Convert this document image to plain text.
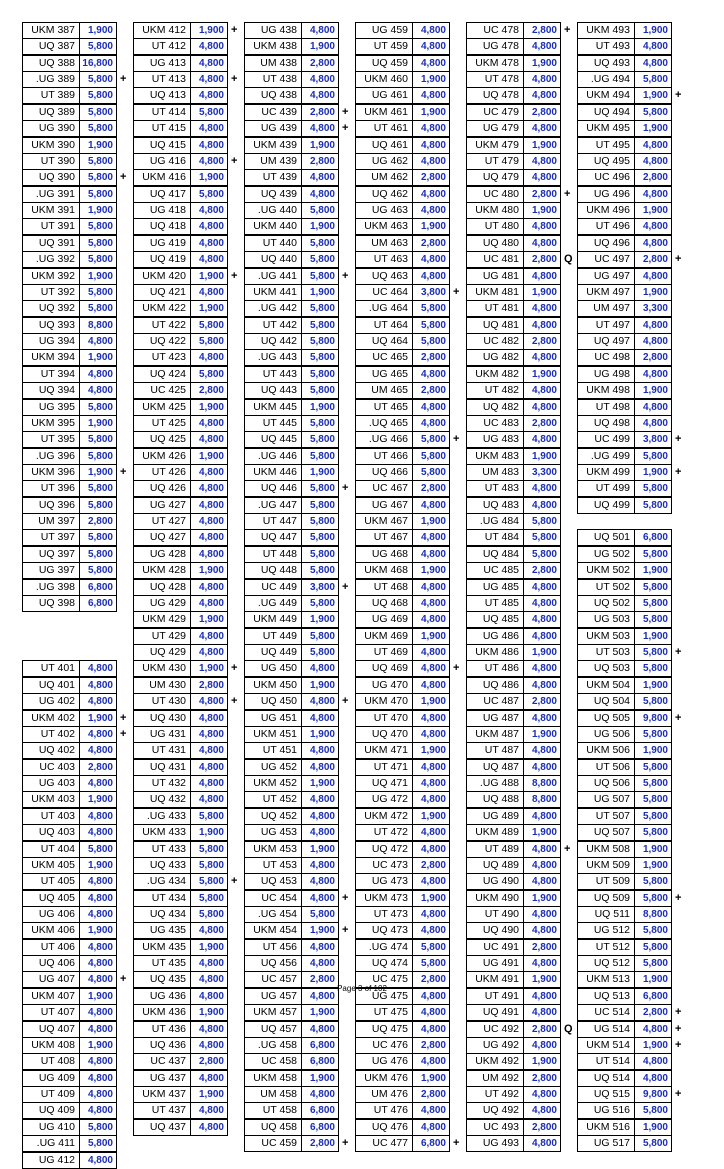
UKM 387	1,900
UQ 387	5,800
UQ 388 16,800
.UG 389	5,800 +
UT 389	5,800
UQ 389	5,800
UG 390	5,800
UKM 390	1,900
UT 390	5,800
UQ 390	5,800 +
.UG 391	5,800
UKM 391	1,900
UT 391	5,800
UQ 391	5,800
.UG 392	5,800
UKM 392	1,900
UT 392	5,800
UQ 392	5,800
UQ 393	8,800
UG 394	4,800
UKM 394	1,900
UT 394	4,800
UQ 394	4,800
UG 395	5,800
UKM 395	1,900
UT 395	5,800
.UG 396	5,800
UKM 396	1,900 +
UT 396	5,800
UQ 396	5,800
UM 397	2,800
UT 397	5,800
UQ 397	5,800
UG 397	5,800
.UG 398	6,800
UQ 398	6,800
UT 401	4,800
UQ 401	4,800
UG 402	4,800
UKM 402	1,900 +
UT 402	4,800 +
UQ 402	4,800
UC 403	2,800
UG 403	4,800
UKM 403	1,900
UT 403	4,800
UQ 403	4,800
UT 404	5,800
UKM 405	1,900
UT 405	4,800
UQ 405	4,800
UG 406	4,800
UKM 406	1,900
UT 406	4,800
UQ 406	4,800
UG 407	4,800 +
UKM 407	1,900
UT 407	4,800
UQ 407	4,800
UKM 408	1,900
UT 408	4,800
UG 409	4,800
UT 409	4,800
UQ 409	4,800
UG 410	5,800
.UG 411	5,800
UG 412	4,800
UKM 412	1,900 +
UT 412	4,800
UG 413	4,800
UT 413	4,800 +
UQ 413	4,800
UT 414	5,800
UT 415	4,800
UQ 415	4,800
UG 416	4,800 +
UKM 416	1,900
UQ 417	5,800
UG 418	4,800
UQ 418	4,800
UG 419	4,800
UQ 419	4,800
UKM 420	1,900 +
UQ 421	4,800
UKM 422	1,900
UT 422	5,800
UQ 422	5,800
UT 423	4,800
UQ 424	5,800
UC 425	2,800
UKM 425	1,900
UT 425	4,800
UQ 425	4,800
UKM 426	1,900
UT 426	4,800
UQ 426	4,800
UG 427	4,800
UT 427	4,800
UQ 427	4,800
UG 428	4,800
UKM 428	1,900
UQ 428	4,800
UG 429	4,800
UKM 429	1,900
UT 429	4,800
UQ 429	4,800
UKM 430	1,900 +
UM 430	2,800
UT 430	4,800 +
UQ 430	4,800
UG 431	4,800
UT 431	4,800
UQ 431	4,800
UT 432	4,800
UQ 432	4,800
.UG 433	5,800
UKM 433	1,900
UT 433	5,800
UQ 433	5,800
.UG 434	5,800 +
UT 434	5,800
UQ 434	5,800
UG 435	4,800
UKM 435	1,900
UT 435	4,800
UQ 435	4,800
UG 436	4,800
UKM 436	1,900
UT 436	4,800
UQ 436	4,800
UC 437	2,800
UG 437	4,800
UKM 437	1,900
UT 437	4,800
UQ 437	4,800
UG 438	4,800
UKM 438	1,900
UM 438	2,800
UT 438	4,800
UQ 438	4,800
UC 439	2,800 +
UG 439	4,800 +
UKM 439	1,900
UM 439	2,800
UT 439	4,800
UQ 439	4,800
.UG 440	5,800
UKM 440	1,900
UT 440	5,800
UQ 440	5,800
.UG 441	5,800 +
UKM 441	1,900
.UG 442	5,800
UT 442	5,800
UQ 442	5,800
.UG 443	5,800
UT 443	5,800
UQ 443	5,800
UKM 445	1,900
UT 445	5,800
UQ 445	5,800
.UG 446	5,800
UKM 446	1,900
UQ 446	5,800 +
.UG 447	5,800
UT 447	5,800
UQ 447	5,800
UT 448	5,800
UQ 448	5,800
UC 449	3,800 +
.UG 449	5,800
UKM 449	1,900
UT 449	5,800
UQ 449	5,800
UG 450	4,800
UKM 450	1,900
UQ 450	4,800 +
UG 451	4,800
UKM 451	1,900
UT 451	4,800
UG 452	4,800
UKM 452	1,900
UT 452	4,800
UQ 452	4,800
UG 453	4,800
UKM 453	1,900
UT 453	4,800
UQ 453	4,800
UC 454	4,800 +
.UG 454	5,800
UKM 454	1,900 +
UT 456	4,800
UQ 456	4,800
UC 457	2,800
UG 457	4,800
UKM 457	1,900
UQ 457	4,800
.UG 458	6,800
UC 458	6,800
UKM 458	1,900
UM 458	4,800
UT 458	6,800
UQ 458	6,800
UC 459	2,800 +
UG 459	4,800
UT 459	4,800
UQ 459	4,800
UKM 460	1,900
UG 461	4,800
UKM 461	1,900
UT 461	4,800
UQ 461	4,800
UG 462	4,800
UM 462	2,800
UQ 462	4,800
UG 463	4,800
UKM 463	1,900
UM 463	2,800
UT 463	4,800
UQ 463	4,800
UC 464	3,800 +
.UG 464	5,800
UT 464	5,800
UQ 464	5,800
UC 465	2,800
UG 465	4,800
UM 465	2,800
UT 465	4,800
.UQ 465	4,800
.UG 466	5,800 +
UT 466	5,800
UQ 466	5,800
UC 467	2,800
UG 467	4,800
UKM 467	1,900
UT 467	4,800
UG 468	4,800
UKM 468	1,900
UT 468	4,800
UQ 468	4,800
UG 469	4,800
UKM 469	1,900
UT 469	4,800
UQ 469	4,800 +
UG 470	4,800
UKM 470	1,900
UT 470	4,800
UQ 470	4,800
UKM 471	1,900
UT 471	4,800
UQ 471	4,800
UG 472	4,800
UKM 472	1,900
UT 472	4,800
UQ 472	4,800
UC 473	2,800
UG 473	4,800
UKM 473	1,900
UT 473	4,800
UQ 473	4,800
.UG 474	5,800
UQ 474	5,800
UC 475	2,800
UG 475	4,800
UT 475	4,800
UQ 475	4,800
UC 476	2,800
UG 476	4,800
UKM 476	1,900
UM 476	2,800
UT 476	4,800
UQ 476	4,800
UC 477	6,800 +
UC 478	2,800 +
UG 478	4,800
UKM 478	1,900
UT 478	4,800
UQ 478	4,800
UC 479	2,800
UG 479	4,800
UKM 479	1,900
UT 479	4,800
UQ 479	4,800
UC 480	2,800 +
UKM 480	1,900
UT 480	4,800
UQ 480	4,800
UC 481	2,800 Q
UG 481	4,800
UKM 481	1,900
UT 481	4,800
UQ 481	4,800
UC 482	2,800
UG 482	4,800
UKM 482	1,900
UT 482	4,800
UQ 482	4,800
UC 483	2,800
UG 483	4,800
UKM 483	1,900
UM 483	3,300
UT 483	4,800
UQ 483	4,800
.UG 484	5,800
UT 484	5,800
UQ 484	5,800
UC 485	2,800
UG 485	4,800
UT 485	4,800
UQ 485	4,800
UG 486	4,800
UKM 486	1,900
UT 486	4,800
UQ 486	4,800
UC 487	2,800
UG 487	4,800
UKM 487	1,900
UT 487	4,800
UQ 487	4,800
.UG 488	8,800
UQ 488	8,800
UG 489	4,800
UKM 489	1,900
UT 489	4,800 +
UQ 489	4,800
UG 490	4,800
UKM 490	1,900
UT 490	4,800
UQ 490	4,800
UC 491	2,800
UG 491	4,800
UKM 491	1,900
UT 491	4,800
UQ 491	4,800
UC 492	2,800 Q
UG 492	4,800
UKM 492	1,900
UM 492	2,800
UT 492	4,800
UQ 492	4,800
UC 493	2,800
UG 493	4,800
UKM 493	1,900
UT 493	4,800
UQ 493	4,800
.UG 494	5,800
UKM 494	1,900 +
UQ 494	5,800
UKM 495	1,900
UT 495	4,800
UQ 495	4,800
UC 496	2,800
UG 496	4,800
UKM 496	1,900
UT 496	4,800
UQ 496	4,800
UC 497	2,800 +
UG 497	4,800
UKM 497	1,900
UM 497	3,300
UT 497	4,800
UQ 497	4,800
UC 498	2,800
UG 498	4,800
UKM 498	1,900
UT 498	4,800
UQ 498	4,800
UC 499	3,800 +
.UG 499	5,800
UKM 499	1,900 +
UT 499	5,800
UQ 499	5,800
UQ 501	6,800
UG 502	5,800
UKM 502	1,900
UT 502	5,800
UQ 502	5,800
UG 503	5,800
UKM 503	1,900
UT 503	5,800 +
UQ 503	5,800
UKM 504	1,900
UQ 504	5,800
UQ 505	9,800 +
UG 506	5,800
UKM 506	1,900
UT 506	5,800
UQ 506	5,800
UG 507	5,800
UT 507	5,800
UQ 507	5,800
UKM 508	1,900
UKM 509	1,900
UT 509	5,800
UQ 509	5,800 +
UQ 511	8,800
UG 512	5,800
UT 512	5,800
UQ 512	5,800
UKM 513	1,900
UQ 513	6,800
UC 514	2,800 +
UG 514	4,800 +
UKM 514	1,900 +
UT 514	4,800
UQ 514	4,800
UQ 515	9,800 +
UG 516	5,800
UKM 516	1,900
UG 517	5,800
Page 3 of 102
